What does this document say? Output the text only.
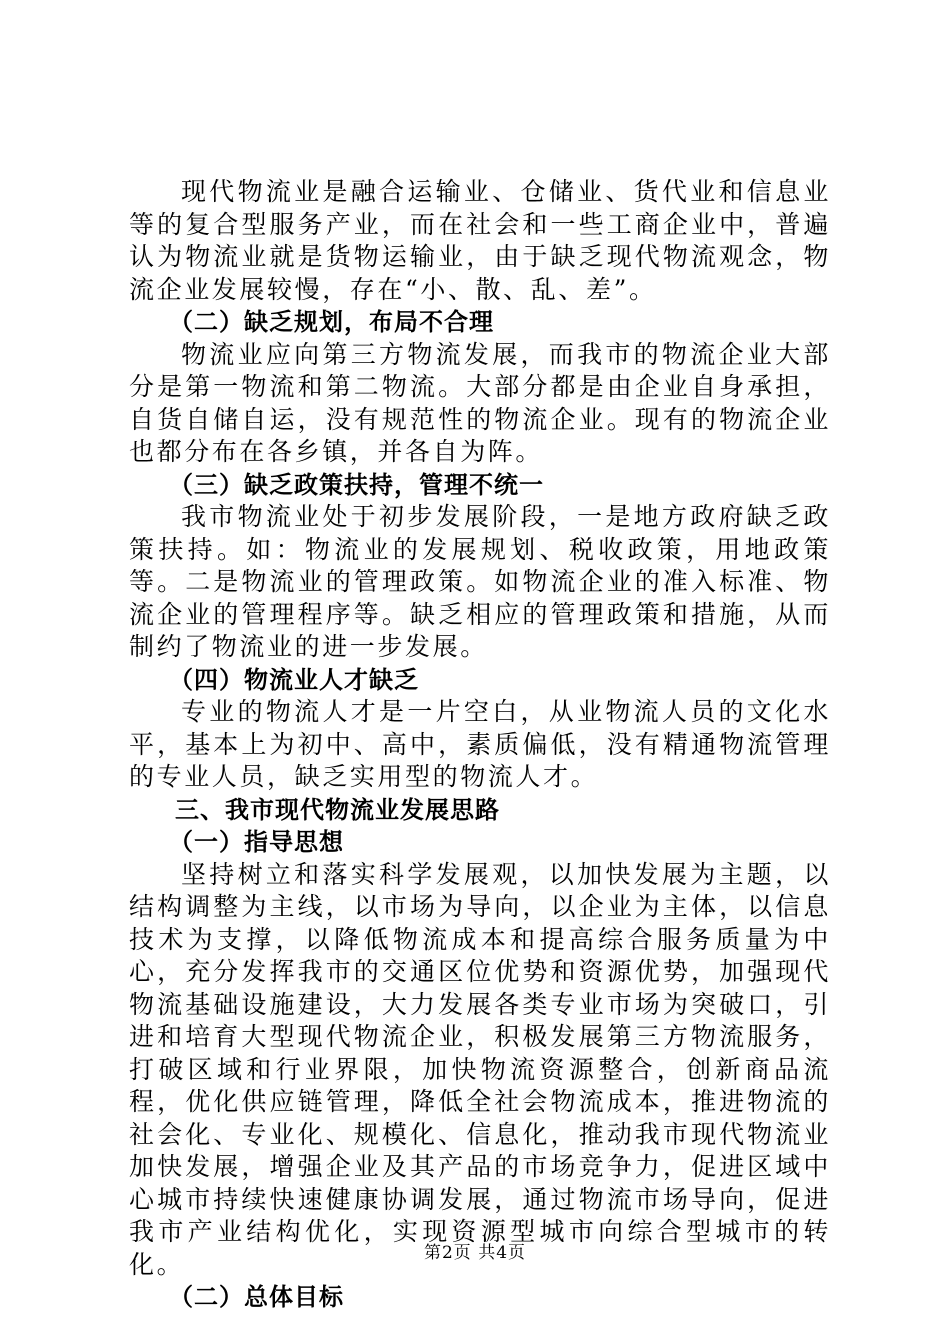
现代物流业是融合运输业、仓储业、货代业和信息业等的复合型服务产业，而在社会和一些工商企业中，普遍认为物流业就是货物运输业，由于缺乏现代物流观念，物流企业发展较慢，存在“小、散、乱、差”。

（二）缺乏规划，布局不合理

物流业应向第三方物流发展，而我市的物流企业大部分是第一物流和第二物流。大部分都是由企业自身承担，自货自储自运，没有规范性的物流企业。现有的物流企业也都分布在各乡镇，并各自为阵。

（三）缺乏政策扶持，管理不统一

我市物流业处于初步发展阶段，一是地方政府缺乏政策扶持。如：物流业的发展规划、税收政策，用地政策等。二是物流业的管理政策。如物流企业的准入标准、物流企业的管理程序等。缺乏相应的管理政策和措施，从而制约了物流业的进一步发展。

（四）物流业人才缺乏

专业的物流人才是一片空白，从业物流人员的文化水平，基本上为初中、高中，素质偏低，没有精通物流管理的专业人员，缺乏实用型的物流人才。

三、我市现代物流业发展思路

（一）指导思想

坚持树立和落实科学发展观，以加快发展为主题，以结构调整为主线，以市场为导向，以企业为主体，以信息技术为支撑，以降低物流成本和提高综合服务质量为中心，充分发挥我市的交通区位优势和资源优势，加强现代物流基础设施建设，大力发展各类专业市场为突破口，引进和培育大型现代物流企业，积极发展第三方物流服务，打破区域和行业界限，加快物流资源整合，创新商品流程，优化供应链管理，降低全社会物流成本，推进物流的社会化、专业化、规模化、信息化，推动我市现代物流业加快发展，增强企业及其产品的市场竞争力，促进区域中心城市持续快速健康协调发展，通过物流市场导向，促进我市产业结构优化，实现资源型城市向综合型城市的转化。

（二）总体目标

第2页 共4页
